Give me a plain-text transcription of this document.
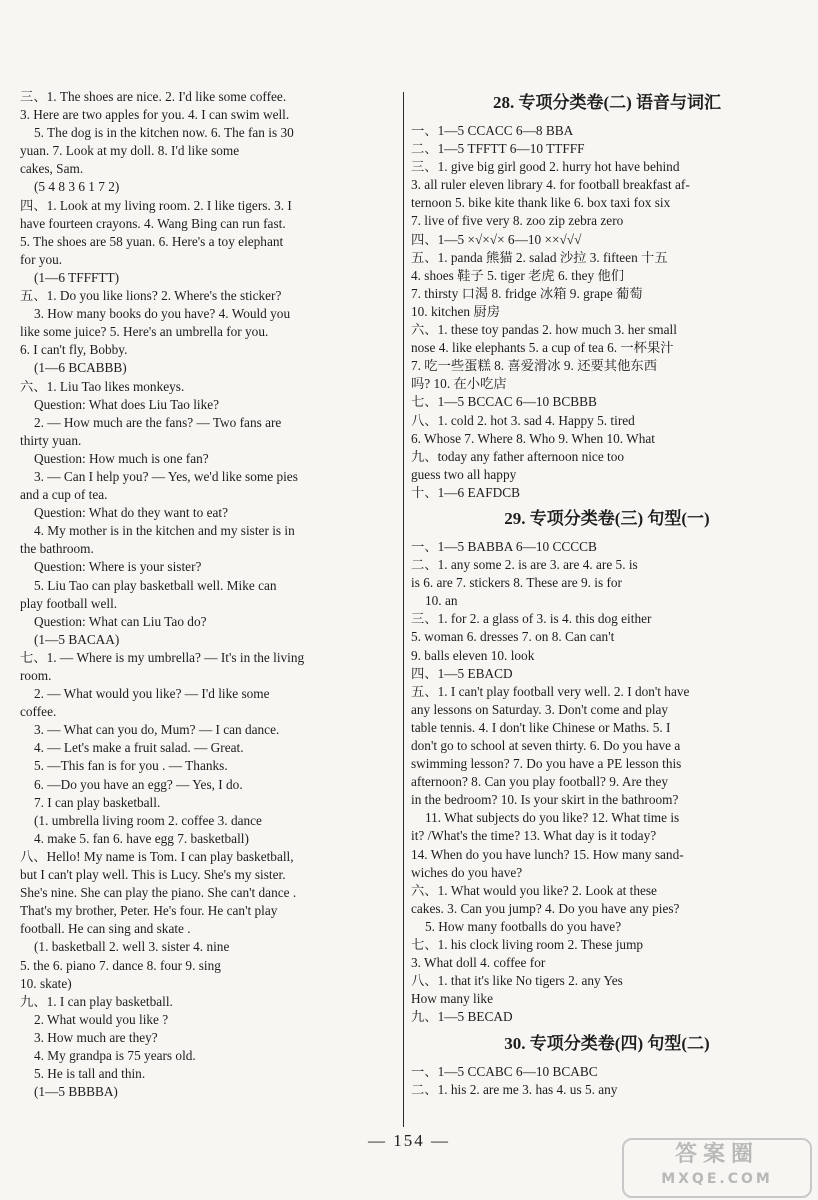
三、1. The shoes are nice. 2. I'd like some coffee.
3. Here are two apples for you. 4. I can swim well.
5. The dog is in the kitchen now. 6. The fan is 30
yuan. 7. Look at my doll. 8. I'd like some
cakes, Sam.
(5 4 8 3 6 1 7 2)
四、1. Look at my living room. 2. I like tigers. 3. I
have fourteen crayons. 4. Wang Bing can run fast.
5. The shoes are 58 yuan. 6. Here's a toy elephant
for you.
(1—6 TFFFTT)
五、1. Do you like lions? 2. Where's the sticker?
3. How many books do you have? 4. Would you
like some juice? 5. Here's an umbrella for you.
6. I can't fly, Bobby.
(1—6 BCABBB)
六、1. Liu Tao likes monkeys.
Question: What does Liu Tao like?
2. — How much are the fans? — Two fans are
thirty yuan.
Question: How much is one fan?
3. — Can I help you? — Yes, we'd like some pies
and a cup of tea.
Question: What do they want to eat?
4. My mother is in the kitchen and my sister is in
the bathroom.
Question: Where is your sister?
5. Liu Tao can play basketball well. Mike can
play football well.
Question: What can Liu Tao do?
(1—5 BACAA)
七、1. — Where is my umbrella? — It's in the living
room.
2. — What would you like? — I'd like some
coffee.
3. — What can you do, Mum? — I can dance.
4. — Let's make a fruit salad. — Great.
5. —This fan is for you . — Thanks.
6. —Do you have an egg? — Yes, I do.
7. I can play basketball.
(1. umbrella living room 2. coffee 3. dance
4. make 5. fan 6. have egg 7. basketball)
八、Hello! My name is Tom. I can play basketball,
but I can't play well. This is Lucy. She's my sister.
She's nine. She can play the piano. She can't dance .
That's my brother, Peter. He's four. He can't play
football. He can sing and skate .
(1. basketball 2. well 3. sister 4. nine
5. the 6. piano 7. dance 8. four 9. sing
10. skate)
九、1. I can play basketball.
2. What would you like ?
3. How much are they?
4. My grandpa is 75 years old.
5. He is tall and thin.
(1—5 BBBBA)
28. 专项分类卷(二) 语音与词汇
一、1—5 CCACC 6—8 BBA
二、1—5 TFFTT 6—10 TTFFF
三、1. give big girl good 2. hurry hot have behind
3. all ruler eleven library 4. for football breakfast af-
ternoon 5. bike kite thank like 6. box taxi fox six
7. live of five very 8. zoo zip zebra zero
四、1—5 ×√×√× 6—10 ××√√√
五、1. panda 熊猫 2. salad 沙拉 3. fifteen 十五
4. shoes 鞋子 5. tiger 老虎 6. they 他们
7. thirsty 口渴 8. fridge 冰箱 9. grape 葡萄
10. kitchen 厨房
六、1. these toy pandas 2. how much 3. her small
nose 4. like elephants 5. a cup of tea 6. 一杯果汁
7. 吃一些蛋糕 8. 喜爱滑冰 9. 还要其他东西
吗? 10. 在小吃店
七、1—5 BCCAC 6—10 BCBBB
八、1. cold 2. hot 3. sad 4. Happy 5. tired
6. Whose 7. Where 8. Who 9. When 10. What
九、today any father afternoon nice too
guess two all happy
十、1—6 EAFDCB
29. 专项分类卷(三) 句型(一)
一、1—5 BABBA 6—10 CCCCB
二、1. any some 2. is are 3. are 4. are 5. is
is 6. are 7. stickers 8. These are 9. is for
10. an
三、1. for 2. a glass of 3. is 4. this dog either
5. woman 6. dresses 7. on 8. Can can't
9. balls eleven 10. look
四、1—5 EBACD
五、1. I can't play football very well. 2. I don't have
any lessons on Saturday. 3. Don't come and play
table tennis. 4. I don't like Chinese or Maths. 5. I
don't go to school at seven thirty. 6. Do you have a
swimming lesson? 7. Do you have a PE lesson this
afternoon? 8. Can you play football? 9. Are they
in the bedroom? 10. Is your skirt in the bathroom?
11. What subjects do you like? 12. What time is
it? /What's the time? 13. What day is it today?
14. When do you have lunch? 15. How many sand-
wiches do you have?
六、1. What would you like? 2. Look at these
cakes. 3. Can you jump? 4. Do you have any pies?
5. How many footballs do you have?
七、1. his clock living room 2. These jump
3. What doll 4. coffee for
八、1. that it's like No tigers 2. any Yes
How many like
九、1—5 BECAD
30. 专项分类卷(四) 句型(二)
一、1—5 CCABC 6—10 BCABC
二、1. his 2. are me 3. has 4. us 5. any
— 154 —
答案圈
MXQE.COM
